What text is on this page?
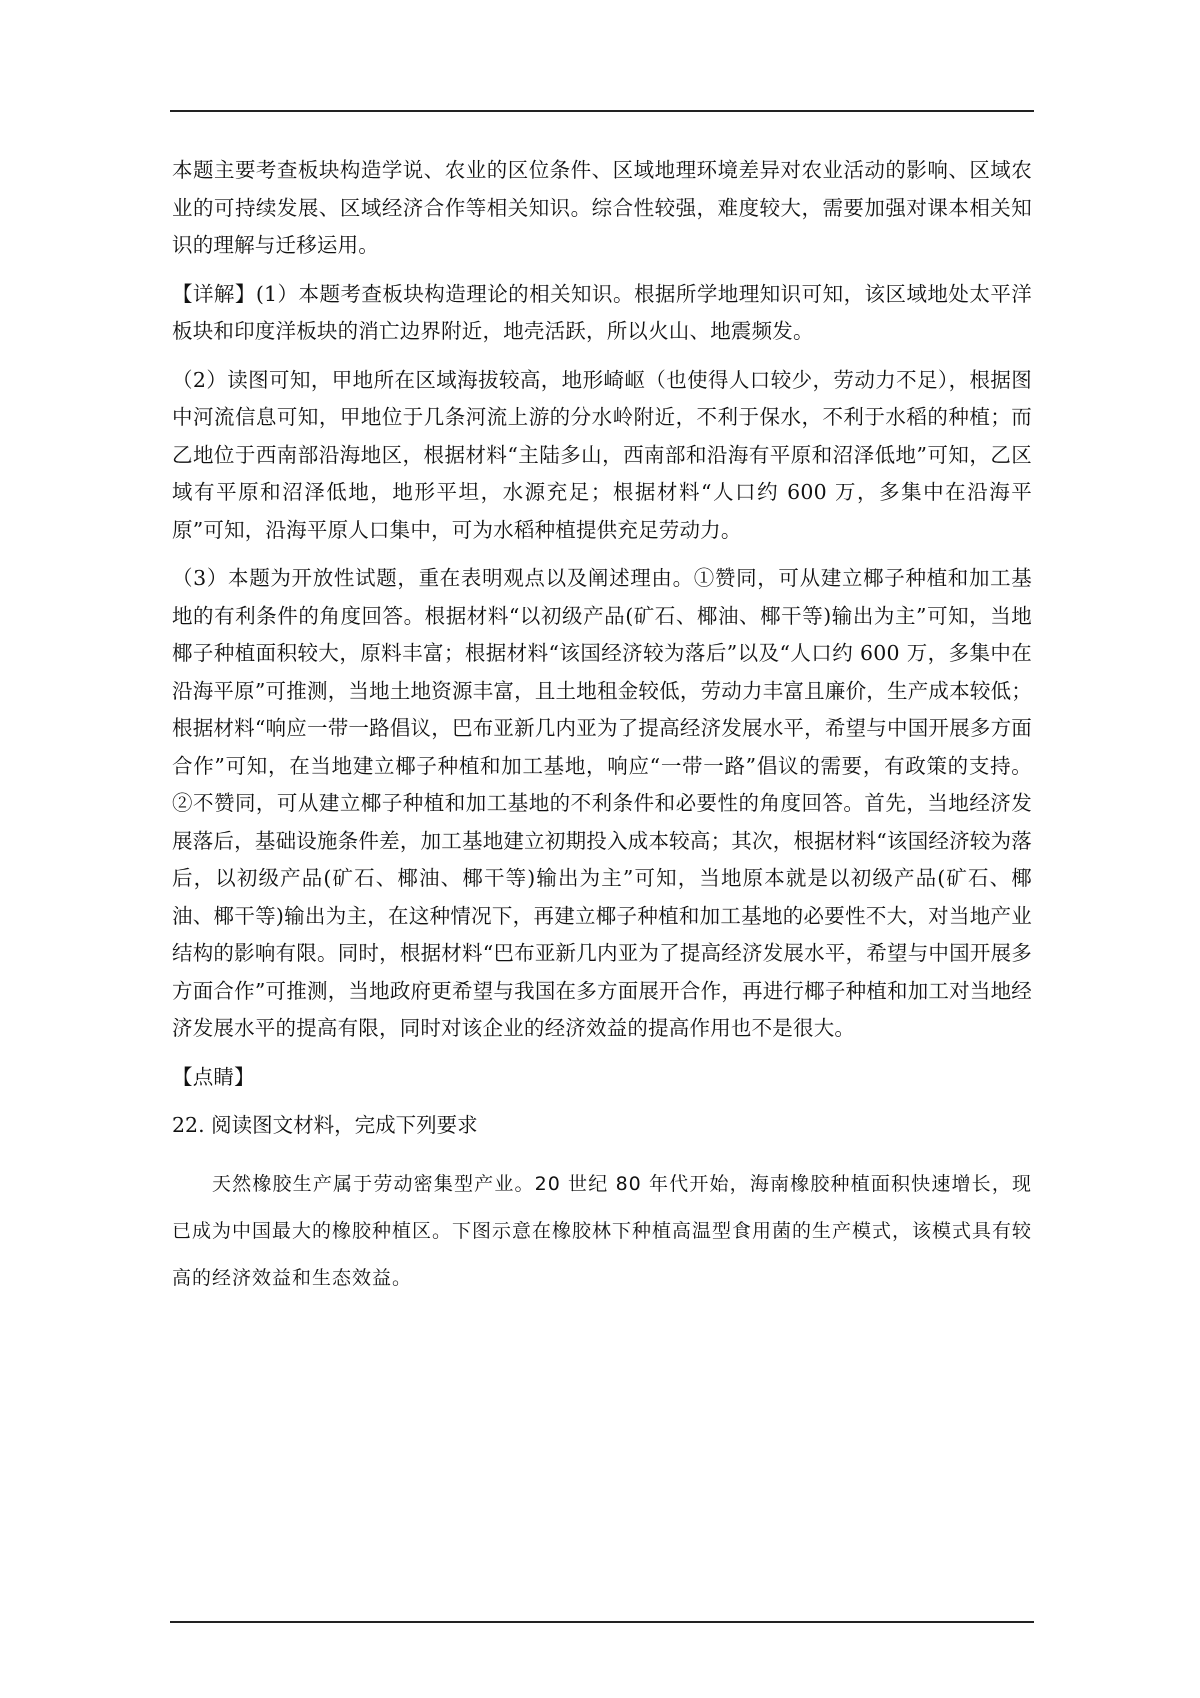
本题主要考查板块构造学说、农业的区位条件、区域地理环境差异对农业活动的影响、区域农业的可持续发展、区域经济合作等相关知识。综合性较强，难度较大，需要加强对课本相关知识的理解与迁移运用。

【详解】(1）本题考查板块构造理论的相关知识。根据所学地理知识可知，该区域地处太平洋板块和印度洋板块的消亡边界附近，地壳活跃，所以火山、地震频发。

（2）读图可知，甲地所在区域海拔较高，地形崎岖（也使得人口较少，劳动力不足），根据图中河流信息可知，甲地位于几条河流上游的分水岭附近，不利于保水，不利于水稻的种植；而乙地位于西南部沿海地区，根据材料“主陆多山，西南部和沿海有平原和沼泽低地”可知，乙区域有平原和沼泽低地，地形平坦，水源充足；根据材料“人口约 600 万，多集中在沿海平原”可知，沿海平原人口集中，可为水稻种植提供充足劳动力。

（3）本题为开放性试题，重在表明观点以及阐述理由。①赞同，可从建立椰子种植和加工基地的有利条件的角度回答。根据材料“以初级产品(矿石、椰油、椰干等)输出为主”可知，当地椰子种植面积较大，原料丰富；根据材料“该国经济较为落后”以及“人口约 600 万，多集中在沿海平原”可推测，当地土地资源丰富，且土地租金较低，劳动力丰富且廉价，生产成本较低；根据材料“响应一带一路倡议，巴布亚新几内亚为了提高经济发展水平，希望与中国开展多方面合作”可知，在当地建立椰子种植和加工基地，响应“一带一路”倡议的需要，有政策的支持。②不赞同，可从建立椰子种植和加工基地的不利条件和必要性的角度回答。首先，当地经济发展落后，基础设施条件差，加工基地建立初期投入成本较高；其次，根据材料“该国经济较为落后，以初级产品(矿石、椰油、椰干等)输出为主”可知，当地原本就是以初级产品(矿石、椰油、椰干等)输出为主，在这种情况下，再建立椰子种植和加工基地的必要性不大，对当地产业结构的影响有限。同时，根据材料“巴布亚新几内亚为了提高经济发展水平，希望与中国开展多方面合作”可推测，当地政府更希望与我国在多方面展开合作，再进行椰子种植和加工对当地经济发展水平的提高有限，同时对该企业的经济效益的提高作用也不是很大。

【点睛】

22. 阅读图文材料，完成下列要求

天然橡胶生产属于劳动密集型产业。20 世纪 80 年代开始，海南橡胶种植面积快速增长，现已成为中国最大的橡胶种植区。下图示意在橡胶林下种植高温型食用菌的生产模式，该模式具有较高的经济效益和生态效益。
